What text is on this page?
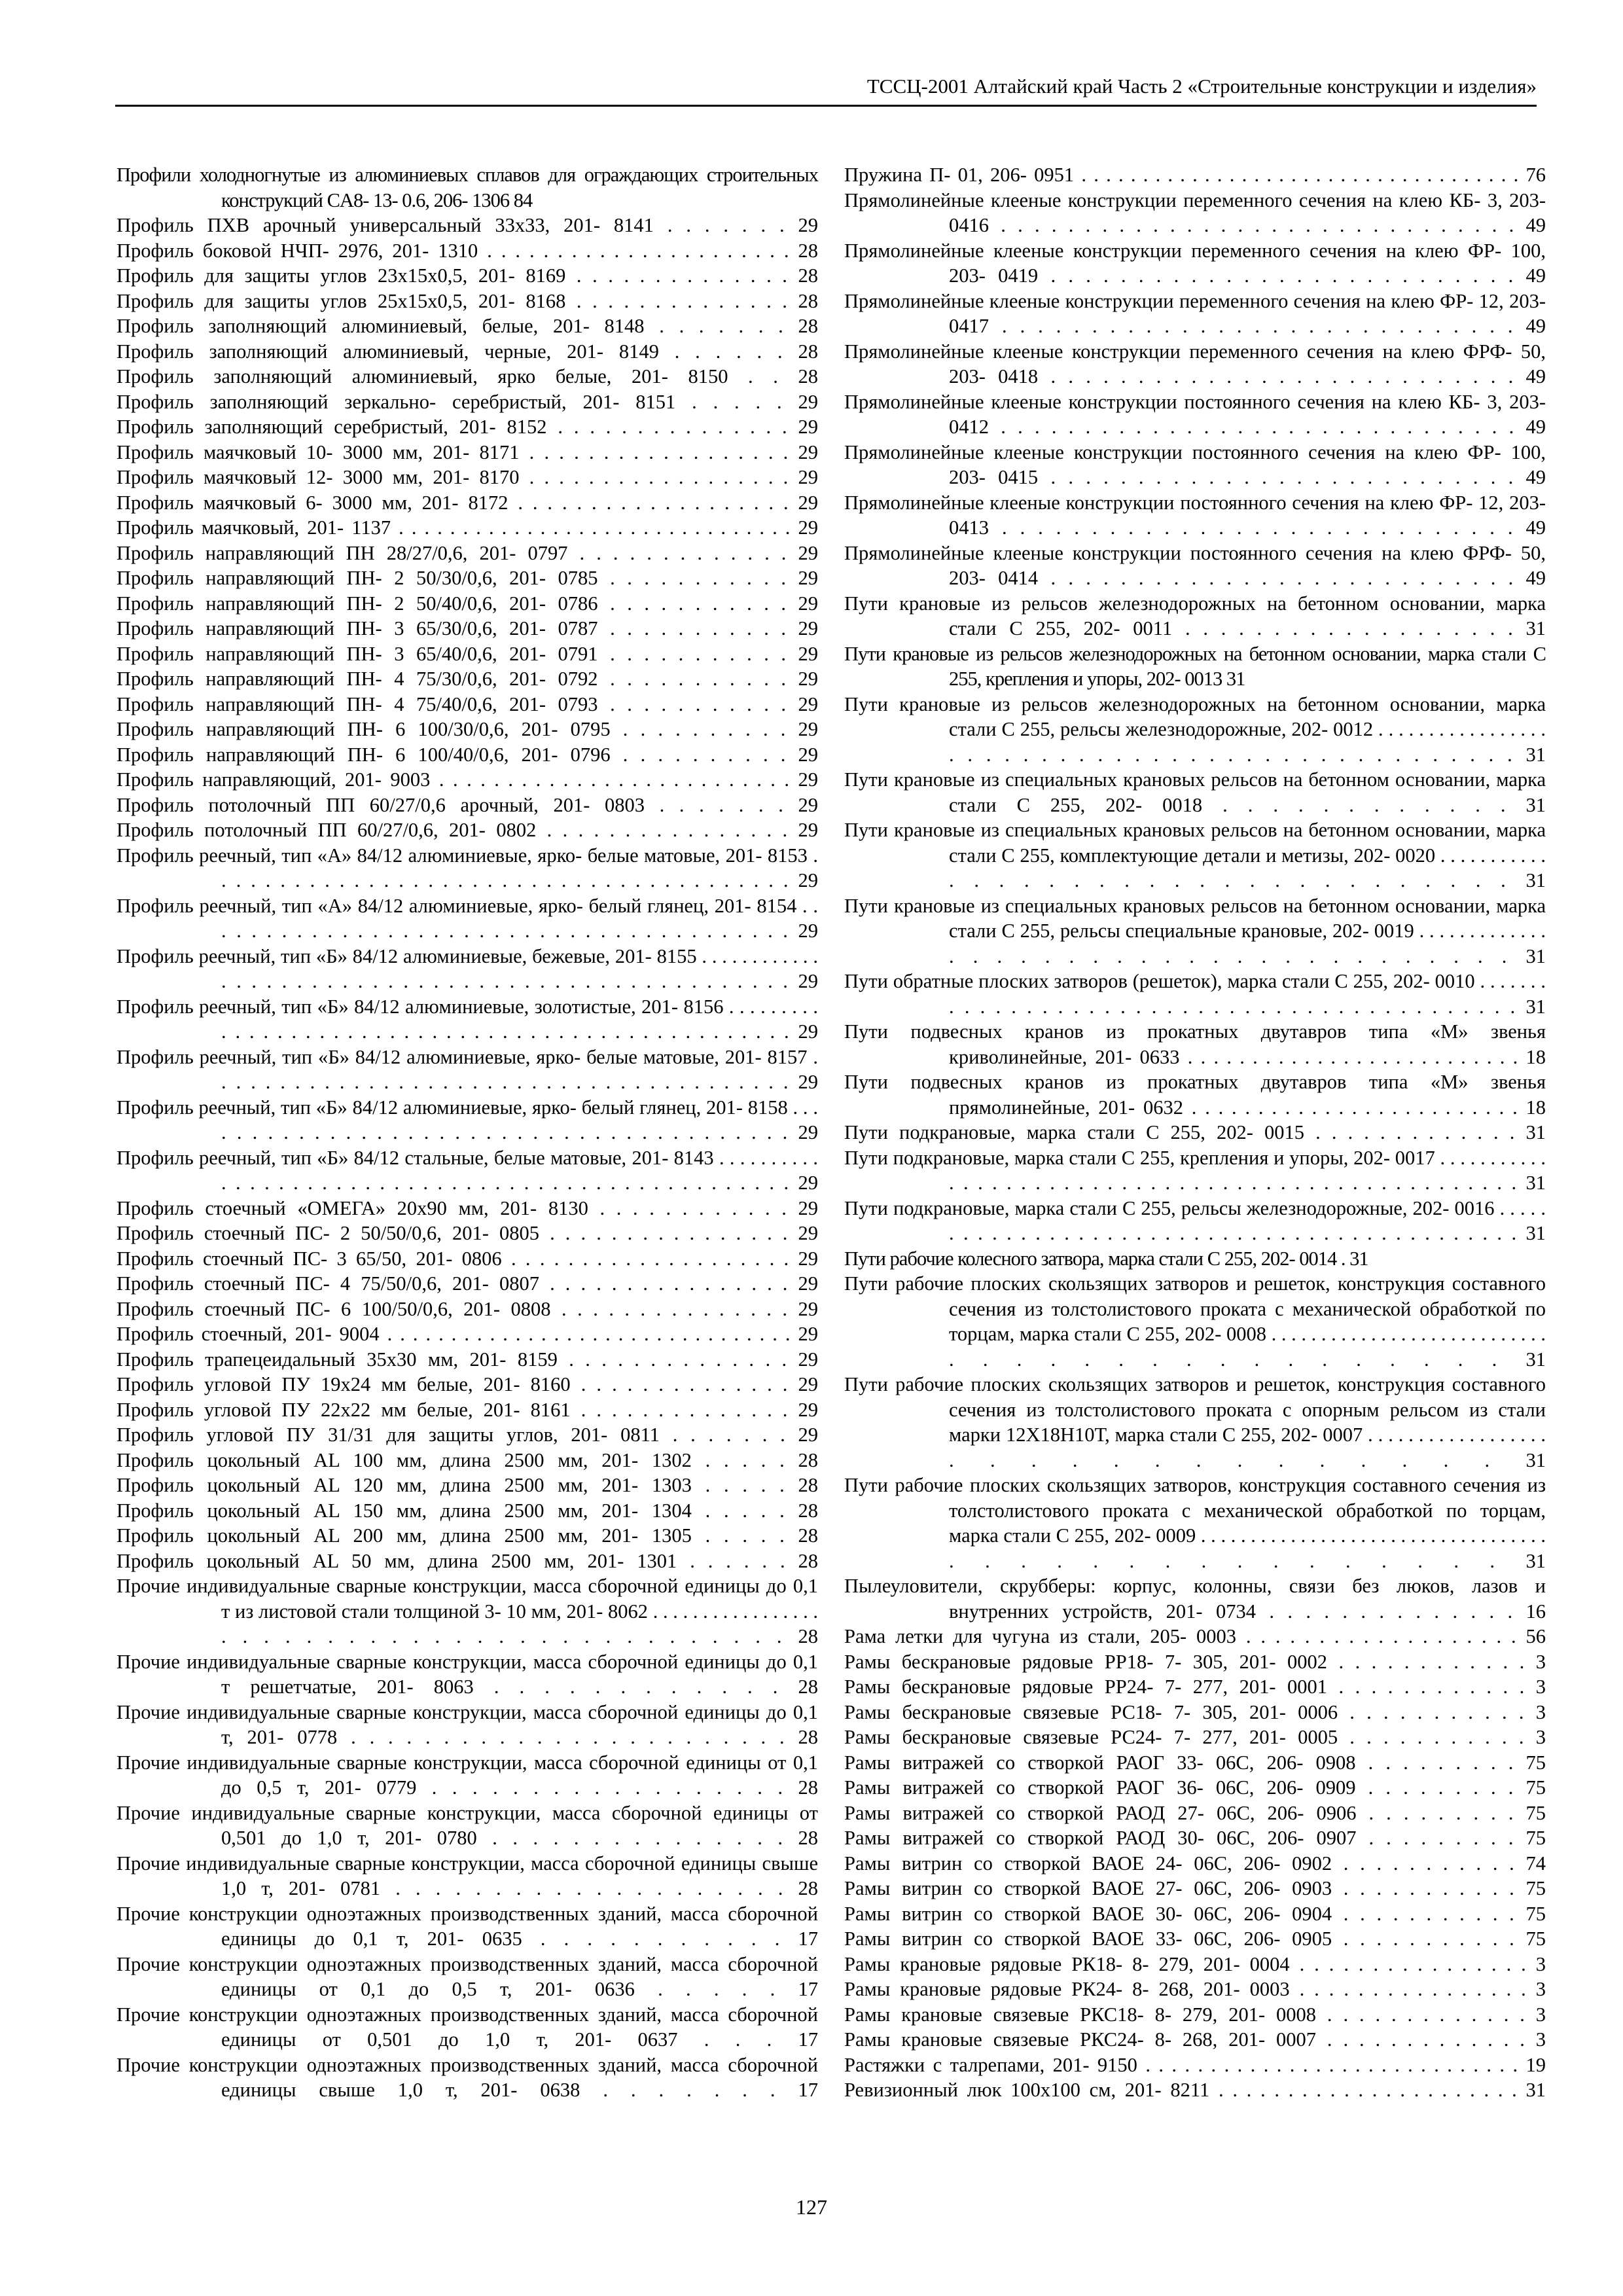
ТССЦ-2001 Алтайский край Часть 2 «Строительные конструкции и изделия»

Профили холодногнутые из алюминиевых сплавов для ограждающих строительных конструкций CA8- 13- 0.6, 206- 1306 84

Профиль ПХВ арочный универсальный 33х33, 201- 8141 . . . . . . . 29

Профиль боковой НЧП- 2976, 201- 1310 . . . . . . . . . . . . . . . . . . . . . . 28

Профиль для защиты углов 23х15х0,5, 201- 8169 . . . . . . . . . . . . . . 28

Профиль для защиты углов 25х15х0,5, 201- 8168 . . . . . . . . . . . . . . 28

Профиль заполняющий алюминиевый, белые, 201- 8148 . . . . . . . 28

Профиль заполняющий алюминиевый, черные, 201- 8149 . . . . . . 28

Профиль заполняющий алюминиевый, ярко белые, 201- 8150 . . 28

Профиль заполняющий зеркально- серебристый, 201- 8151 . . . . . 29

Профиль заполняющий серебристый, 201- 8152 . . . . . . . . . . . . . . . 29

Профиль маячковый 10- 3000 мм, 201- 8171 . . . . . . . . . . . . . . . . . . 29

Профиль маячковый 12- 3000 мм, 201- 8170 . . . . . . . . . . . . . . . . . . 29

Профиль маячковый 6- 3000 мм, 201- 8172 . . . . . . . . . . . . . . . . . . . 29

Профиль маячковый, 201- 1137 . . . . . . . . . . . . . . . . . . . . . . . . . . . . . . . 29

Профиль направляющий ПН 28/27/0,6, 201- 0797 . . . . . . . . . . . . . 29

Профиль направляющий ПН- 2 50/30/0,6, 201- 0785 . . . . . . . . . . . 29

Профиль направляющий ПН- 2 50/40/0,6, 201- 0786 . . . . . . . . . . . 29

Профиль направляющий ПН- 3 65/30/0,6, 201- 0787 . . . . . . . . . . . 29

Профиль направляющий ПН- 3 65/40/0,6, 201- 0791 . . . . . . . . . . . 29

Профиль направляющий ПН- 4 75/30/0,6, 201- 0792 . . . . . . . . . . . 29

Профиль направляющий ПН- 4 75/40/0,6, 201- 0793 . . . . . . . . . . . 29

Профиль направляющий ПН- 6 100/30/0,6, 201- 0795 . . . . . . . . . . 29

Профиль направляющий ПН- 6 100/40/0,6, 201- 0796 . . . . . . . . . . 29

Профиль направляющий, 201- 9003 . . . . . . . . . . . . . . . . . . . . . . . . . . 29

Профиль потолочный ПП 60/27/0,6 арочный, 201- 0803 . . . . . . . 29

Профиль потолочный ПП 60/27/0,6, 201- 0802 . . . . . . . . . . . . . . . . 29

Профиль реечный, тип «А» 84/12 алюминиевые, ярко- белые матовые, 201- 8153 . . . . . . . . . . . . . . . . . . . . . . . . . . . . . . . . . . . . . . . . 29

Профиль реечный, тип «А» 84/12 алюминиевые, ярко- белый глянец, 201- 8154 . . . . . . . . . . . . . . . . . . . . . . . . . . . . . . . . . . . . . . . . 29

Профиль реечный, тип «Б» 84/12 алюминиевые, бежевые, 201- 8155 . . . . . . . . . . . . . . . . . . . . . . . . . . . . . . . . . . . . . . . . . . . . . . . . . . 29

Профиль реечный, тип «Б» 84/12 алюминиевые, золотистые, 201- 8156 . . . . . . . . . . . . . . . . . . . . . . . . . . . . . . . . . . . . . . . . . . . . . . . . . . 29

Профиль реечный, тип «Б» 84/12 алюминиевые, ярко- белые матовые, 201- 8157 . . . . . . . . . . . . . . . . . . . . . . . . . . . . . . . . . . . . . . . . 29

Профиль реечный, тип «Б» 84/12 алюминиевые, ярко- белый глянец, 201- 8158 . . . . . . . . . . . . . . . . . . . . . . . . . . . . . . . . . . . . . . . . 29

Профиль реечный, тип «Б» 84/12 стальные, белые матовые, 201- 8143 . . . . . . . . . . . . . . . . . . . . . . . . . . . . . . . . . . . . . . . . . . . . . . . . . . 29

Профиль стоечный «ОМЕГА» 20х90 мм, 201- 8130 . . . . . . . . . . . . 29

Профиль стоечный ПС- 2 50/50/0,6, 201- 0805 . . . . . . . . . . . . . . . . 29

Профиль стоечный ПС- 3 65/50, 201- 0806 . . . . . . . . . . . . . . . . . . . . 29

Профиль стоечный ПС- 4 75/50/0,6, 201- 0807 . . . . . . . . . . . . . . . . 29

Профиль стоечный ПС- 6 100/50/0,6, 201- 0808 . . . . . . . . . . . . . . . 29

Профиль стоечный, 201- 9004 . . . . . . . . . . . . . . . . . . . . . . . . . . . . . . . . 29

Профиль трапецеидальный 35х30 мм, 201- 8159 . . . . . . . . . . . . . . 29

Профиль угловой ПУ 19х24 мм белые, 201- 8160 . . . . . . . . . . . . . . 29

Профиль угловой ПУ 22х22 мм белые, 201- 8161 . . . . . . . . . . . . . . 29

Профиль угловой ПУ 31/31 для защиты углов, 201- 0811 . . . . . . . 29

Профиль цокольный AL 100 мм, длина 2500 мм, 201- 1302 . . . . . 28

Профиль цокольный AL 120 мм, длина 2500 мм, 201- 1303 . . . . . 28

Профиль цокольный AL 150 мм, длина 2500 мм, 201- 1304 . . . . . 28

Профиль цокольный AL 200 мм, длина 2500 мм, 201- 1305 . . . . . 28

Профиль цокольный AL 50 мм, длина 2500 мм, 201- 1301 . . . . . . 28

Прочие индивидуальные сварные конструкции, масса сборочной единицы до 0,1 т из листовой стали толщиной 3- 10 мм, 201- 8062 . . . . . . . . . . . . . . . . . . . . . . . . . . . . . . . . . . . . . . . . . . . . 28

Прочие индивидуальные сварные конструкции, масса сборочной единицы до 0,1 т решетчатые, 201- 8063 . . . . . . . . . . . . 28

Прочие индивидуальные сварные конструкции, масса сборочной единицы до 0,1 т, 201- 0778 . . . . . . . . . . . . . . . . . . . . . . . . 28

Прочие индивидуальные сварные конструкции, масса сборочной единицы от 0,1 до 0,5 т, 201- 0779 . . . . . . . . . . . . . . . . . . 28

Прочие индивидуальные сварные конструкции, масса сборочной единицы от 0,501 до 1,0 т, 201- 0780 . . . . . . . . . . . . . . . 28

Прочие индивидуальные сварные конструкции, масса сборочной единицы свыше 1,0 т, 201- 0781 . . . . . . . . . . . . . . . . . . . . 28

Прочие конструкции одноэтажных производственных зданий, масса сборочной единицы до 0,1 т, 201- 0635 . . . . . . . . . . . 17

Прочие конструкции одноэтажных производственных зданий, масса сборочной единицы от 0,1 до 0,5 т, 201- 0636 . . . . . 17

Прочие конструкции одноэтажных производственных зданий, масса сборочной единицы от 0,501 до 1,0 т, 201- 0637 . . . 17

Прочие конструкции одноэтажных производственных зданий, масса сборочной единицы свыше 1,0 т, 201- 0638 . . . . . . . 17

Пружина П- 01, 206- 0951 . . . . . . . . . . . . . . . . . . . . . . . . . . . . . . . . . . . . 76

Прямолинейные клееные конструкции переменного сечения на клею КБ- 3, 203- 0416 . . . . . . . . . . . . . . . . . . . . . . . . . . . . . . . 49

Прямолинейные клееные конструкции переменного сечения на клею ФР- 100, 203- 0419 . . . . . . . . . . . . . . . . . . . . . . . . . . . 49

Прямолинейные клееные конструкции переменного сечения на клею ФР- 12, 203- 0417 . . . . . . . . . . . . . . . . . . . . . . . . . . . . . 49

Прямолинейные клееные конструкции переменного сечения на клею ФРФ- 50, 203- 0418 . . . . . . . . . . . . . . . . . . . . . . . . . . . 49

Прямолинейные клееные конструкции постоянного сечения на клею КБ- 3, 203- 0412 . . . . . . . . . . . . . . . . . . . . . . . . . . . . . . . 49

Прямолинейные клееные конструкции постоянного сечения на клею ФР- 100, 203- 0415 . . . . . . . . . . . . . . . . . . . . . . . . . . . 49

Прямолинейные клееные конструкции постоянного сечения на клею ФР- 12, 203- 0413 . . . . . . . . . . . . . . . . . . . . . . . . . . . . . 49

Прямолинейные клееные конструкции постоянного сечения на клею ФРФ- 50, 203- 0414 . . . . . . . . . . . . . . . . . . . . . . . . . . . 49

Пути крановые из рельсов железнодорожных на бетонном основании, марка стали С 255, 202- 0011 . . . . . . . . . . . . . . . . . . . 31

Пути крановые из рельсов железнодорожных на бетонном основании, марка стали С 255, крепления и упоры, 202- 0013 31

Пути крановые из рельсов железнодорожных на бетонном основании, марка стали С 255, рельсы железнодорожные, 202- 0012 . . . . . . . . . . . . . . . . . . . . . . . . . . . . . . . . . . . . . . . . . . . . . . . . 31

Пути крановые из специальных крановых рельсов на бетонном основании, марка стали С 255, 202- 0018 . . . . . . . . . . . . 31

Пути крановые из специальных крановых рельсов на бетонном основании, марка стали С 255, комплектующие детали и метизы, 202- 0020 . . . . . . . . . . . . . . . . . . . . . . . . . . . . . . . . . . 31

Пути крановые из специальных крановых рельсов на бетонном основании, марка стали С 255, рельсы специальные крановые, 202- 0019 . . . . . . . . . . . . . . . . . . . . . . . . . . . . . . . . . . . . . 31

Пути обратные плоских затворов (решеток), марка стали С 255, 202- 0010 . . . . . . . . . . . . . . . . . . . . . . . . . . . . . . . . . . . . . . . . . . . . 31

Пути подвесных кранов из прокатных двутавров типа «М» звенья криволинейные, 201- 0633 . . . . . . . . . . . . . . . . . . . . . . . . . . 18

Пути подвесных кранов из прокатных двутавров типа «М» звенья прямолинейные, 201- 0632 . . . . . . . . . . . . . . . . . . . . . . . . . 18

Пути подкрановые, марка стали С 255, 202- 0015 . . . . . . . . . . . . . 31

Пути подкрановые, марка стали С 255, крепления и упоры, 202- 0017 . . . . . . . . . . . . . . . . . . . . . . . . . . . . . . . . . . . . . . . . . . . . . . . . . . . 31

Пути подкрановые, марка стали С 255, рельсы железнодорожные, 202- 0016 . . . . . . . . . . . . . . . . . . . . . . . . . . . . . . . . . . . . . . . . . . . . . 31

Пути рабочие колесного затвора, марка стали С 255, 202- 0014 . 31

Пути рабочие плоских скользящих затворов и решеток, конструкция составного сечения из толстолистового проката с механической обработкой по торцам, марка стали С 255, 202- 0008 . . . . . . . . . . . . . . . . . . . . . . . . . . . . . . . . . . . . . . . . . . . . . 31

Пути рабочие плоских скользящих затворов и решеток, конструкция составного сечения из толстолистового проката с опорным рельсом из стали марки 12Х18Н10Т, марка стали С 255, 202- 0007 . . . . . . . . . . . . . . . . . . . . . . . . . . . . . . . . 31

Пути рабочие плоских скользящих затворов, конструкция составного сечения из толстолистового проката с механической обработкой по торцам, марка стали С 255, 202- 0009 . . . . . . . . . . . . . . . . . . . . . . . . . . . . . . . . . . . . . . . . . . . . . . . . . . . 31

Пылеуловители, скрубберы: корпус, колонны, связи без люков, лазов и внутренних устройств, 201- 0734 . . . . . . . . . . . . . . 16

Рама летки для чугуна из стали, 205- 0003 . . . . . . . . . . . . . . . . . . . 56

Рамы бескрановые рядовые РР18- 7- 305, 201- 0002 . . . . . . . . . . . . 3

Рамы бескрановые рядовые РР24- 7- 277, 201- 0001 . . . . . . . . . . . . 3

Рамы бескрановые связевые РС18- 7- 305, 201- 0006 . . . . . . . . . . . 3

Рамы бескрановые связевые РС24- 7- 277, 201- 0005 . . . . . . . . . . . 3

Рамы витражей со створкой РАОГ 33- 06С, 206- 0908 . . . . . . . . . 75

Рамы витражей со створкой РАОГ 36- 06С, 206- 0909 . . . . . . . . . 75

Рамы витражей со створкой РАОД 27- 06С, 206- 0906 . . . . . . . . . 75

Рамы витражей со створкой РАОД 30- 06С, 206- 0907 . . . . . . . . . 75

Рамы витрин со створкой ВАОЕ 24- 06С, 206- 0902 . . . . . . . . . . . 74

Рамы витрин со створкой ВАОЕ 27- 06С, 206- 0903 . . . . . . . . . . . 75

Рамы витрин со створкой ВАОЕ 30- 06С, 206- 0904 . . . . . . . . . . . 75

Рамы витрин со створкой ВАОЕ 33- 06С, 206- 0905 . . . . . . . . . . . 75

Рамы крановые рядовые РК18- 8- 279, 201- 0004 . . . . . . . . . . . . . . . . 3

Рамы крановые рядовые РК24- 8- 268, 201- 0003 . . . . . . . . . . . . . . . . 3

Рамы крановые связевые РКС18- 8- 279, 201- 0008 . . . . . . . . . . . . . 3

Рамы крановые связевые РКС24- 8- 268, 201- 0007 . . . . . . . . . . . . . 3

Растяжки с талрепами, 201- 9150 . . . . . . . . . . . . . . . . . . . . . . . . . . . . . 19

Ревизионный люк 100х100 см, 201- 8211 . . . . . . . . . . . . . . . . . . . . . . 31

127
